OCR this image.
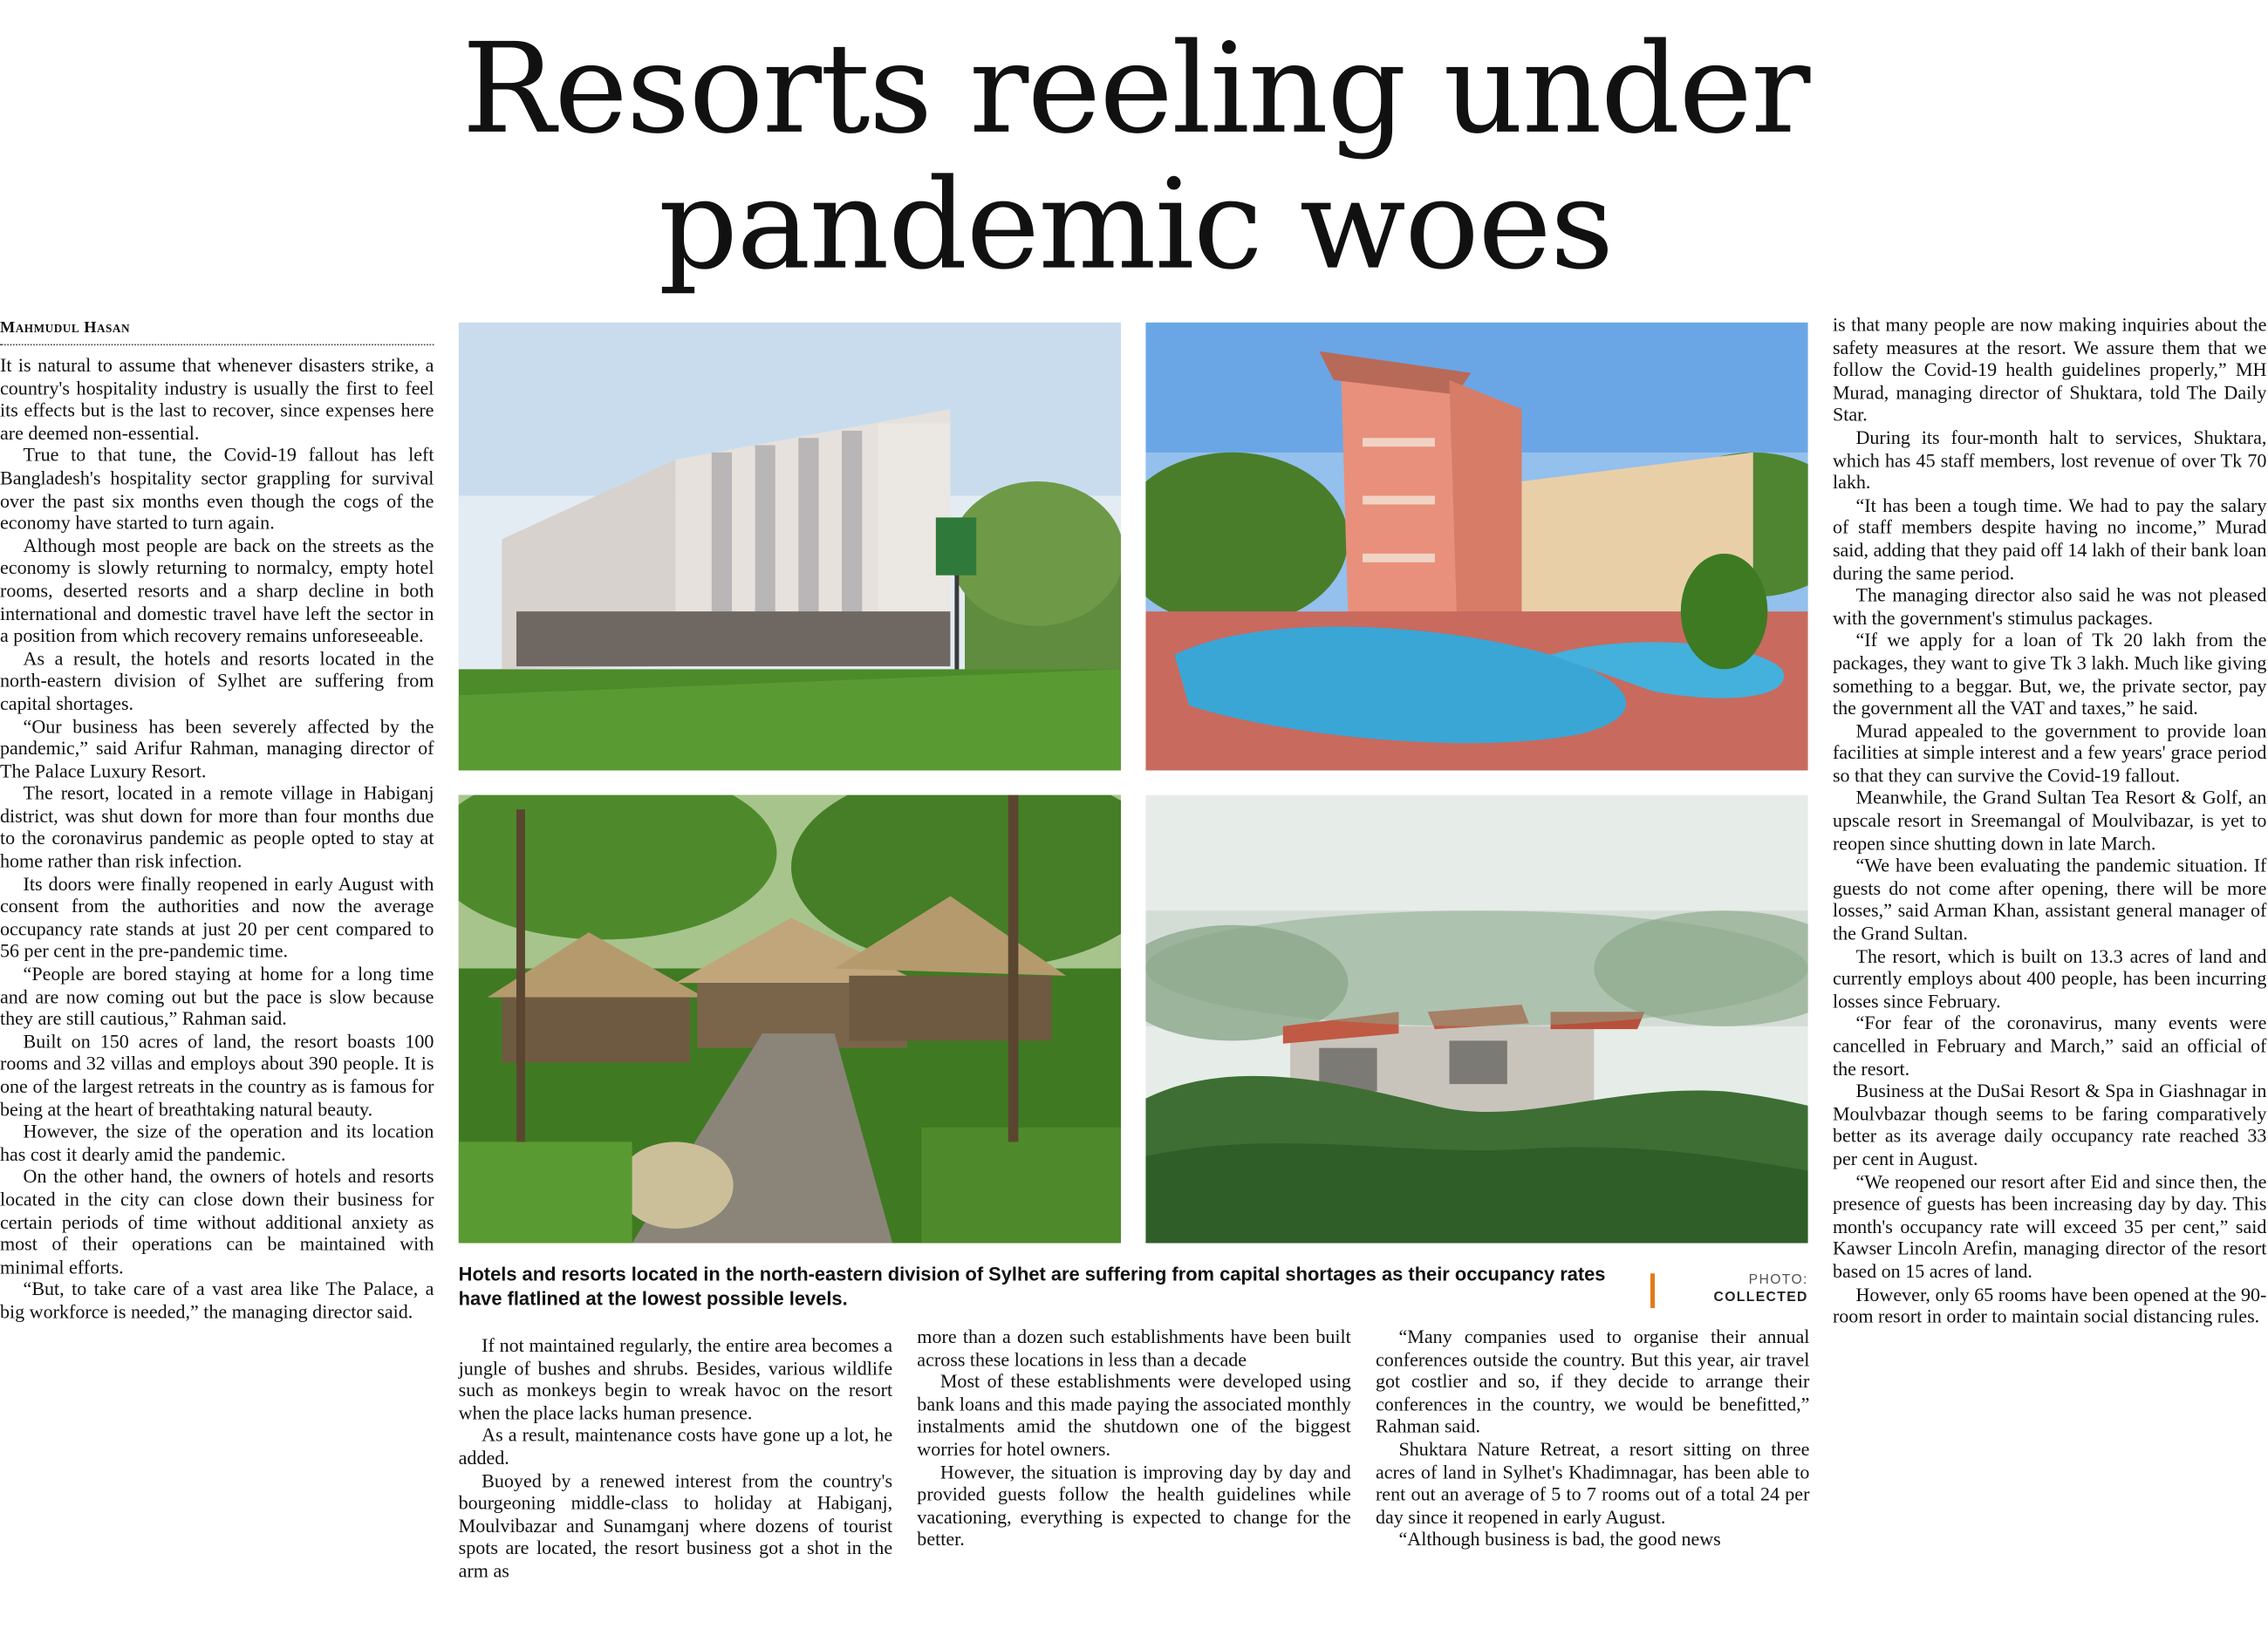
Resorts reeling under
pandemic woes
Mahmudul Hasan

It is natural to assume that whenever disasters strike, a country's hospitality industry is usually the first to feel its effects but is the last to recover, since expenses here are deemed non-essential.

True to that tune, the Covid-19 fallout has left Bangladesh's hospitality sector grappling for survival over the past six months even though the cogs of the economy have started to turn again.

Although most people are back on the streets as the economy is slowly returning to normalcy, empty hotel rooms, deserted resorts and a sharp decline in both international and domestic travel have left the sector in a position from which recovery remains unforeseeable.

As a result, the hotels and resorts located in the north-eastern division of Sylhet are suffering from capital shortages.

“Our business has been severely affected by the pandemic,” said Arifur Rahman, managing director of The Palace Luxury Resort.

The resort, located in a remote village in Habiganj district, was shut down for more than four months due to the coronavirus pandemic as people opted to stay at home rather than risk infection.

Its doors were finally reopened in early August with consent from the authorities and now the average occupancy rate stands at just 20 per cent compared to 56 per cent in the pre-pandemic time.

“People are bored staying at home for a long time and are now coming out but the pace is slow because they are still cautious,” Rahman said.

Built on 150 acres of land, the resort boasts 100 rooms and 32 villas and employs about 390 people. It is one of the largest retreats in the country as is famous for being at the heart of breathtaking natural beauty.

However, the size of the operation and its location has cost it dearly amid the pandemic.

On the other hand, the owners of hotels and resorts located in the city can close down their business for certain periods of time without additional anxiety as most of their operations can be maintained with minimal efforts.

“But, to take care of a vast area like The Palace, a big workforce is needed,” the managing director said.

Hotels and resorts located in the north-eastern division of Sylhet are suffering from capital shortages as their occupancy rates have flatlined at the lowest possible levels.
PHOTO:
COLLECTED

If not maintained regularly, the entire area becomes a jungle of bushes and shrubs. Besides, various wildlife such as monkeys begin to wreak havoc on the resort when the place lacks human presence.

As a result, maintenance costs have gone up a lot, he added.

Buoyed by a renewed interest from the country's bourgeoning middle-class to holiday at Habiganj, Moulvibazar and Sunamganj where dozens of tourist spots are located, the resort business got a shot in the arm as

more than a dozen such establishments have been built across these locations in less than a decade

Most of these establishments were developed using bank loans and this made paying the associated monthly instalments amid the shutdown one of the biggest worries for hotel owners.

However, the situation is improving day by day and provided guests follow the health guidelines while vacationing, everything is expected to change for the better.

“Many companies used to organise their annual conferences outside the country. But this year, air travel got costlier and so, if they decide to arrange their conferences in the country, we would be benefitted,” Rahman said.

Shuktara Nature Retreat, a resort sitting on three acres of land in Sylhet's Khadimnagar, has been able to rent out an average of 5 to 7 rooms out of a total 24 per day since it reopened in early August.

“Although business is bad, the good news

is that many people are now making inquiries about the safety measures at the resort. We assure them that we follow the Covid-19 health guidelines properly,” MH Murad, managing director of Shuktara, told The Daily Star.

During its four-month halt to services, Shuktara, which has 45 staff members, lost revenue of over Tk 70 lakh.

“It has been a tough time. We had to pay the salary of staff members despite having no income,” Murad said, adding that they paid off 14 lakh of their bank loan during the same period.

The managing director also said he was not pleased with the government's stimulus packages.

“If we apply for a loan of Tk 20 lakh from the packages, they want to give Tk 3 lakh. Much like giving something to a beggar. But, we, the private sector, pay the government all the VAT and taxes,” he said.

Murad appealed to the government to provide loan facilities at simple interest and a few years' grace period so that they can survive the Covid-19 fallout.

Meanwhile, the Grand Sultan Tea Resort & Golf, an upscale resort in Sreemangal of Moulvibazar, is yet to reopen since shutting down in late March.

“We have been evaluating the pandemic situation. If guests do not come after opening, there will be more losses,” said Arman Khan, assistant general manager of the Grand Sultan.

The resort, which is built on 13.3 acres of land and currently employs about 400 people, has been incurring losses since February.

“For fear of the coronavirus, many events were cancelled in February and March,” said an official of the resort.

Business at the DuSai Resort & Spa in Giashnagar in Moulvbazar though seems to be faring comparatively better as its average daily occupancy rate reached 33 per cent in August.

“We reopened our resort after Eid and since then, the presence of guests has been increasing day by day. This month's occupancy rate will exceed 35 per cent,” said Kawser Lincoln Arefin, managing director of the resort based on 15 acres of land.

However, only 65 rooms have been opened at the 90-room resort in order to maintain social distancing rules.
